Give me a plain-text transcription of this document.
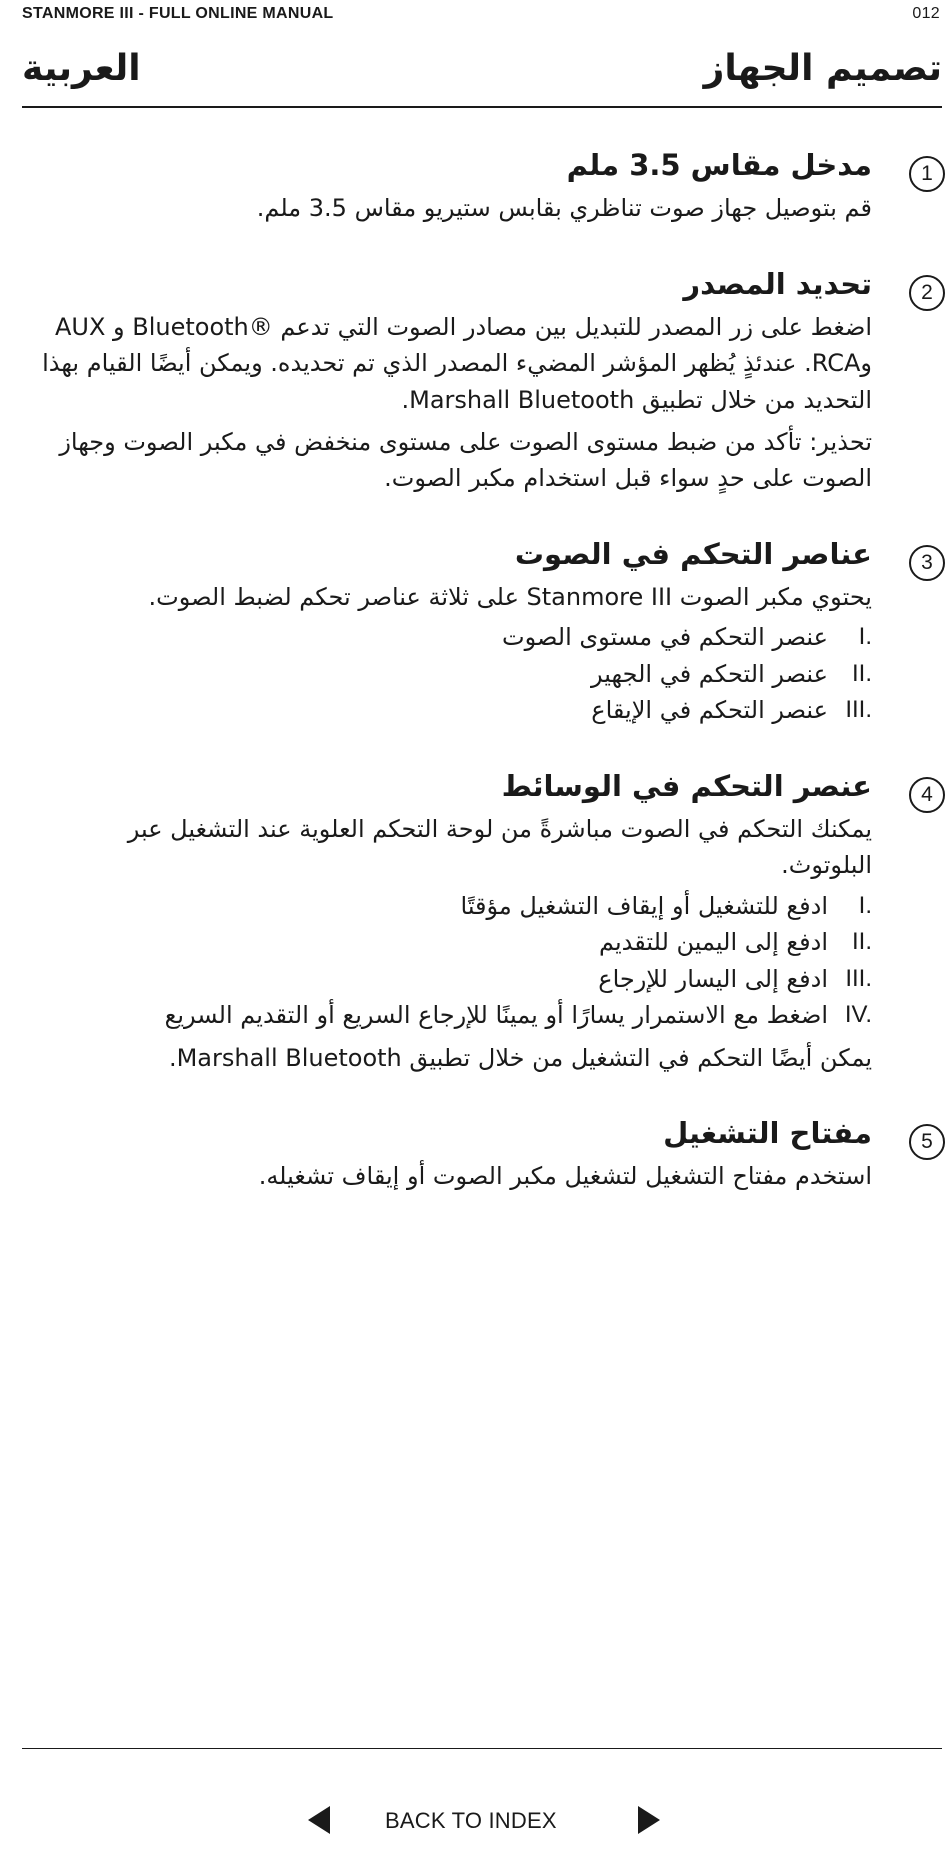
STANMORE III - FULL ONLINE MANUAL	012
تصميم الجهاز
العربية
1
مدخل مقاس 3.5 ملم

قم بتوصيل جهاز صوت تناظري بقابس ستيريو مقاس 3.5 ملم.

2
تحديد المصدر

اضغط على زر المصدر للتبديل بين مصادر الصوت التي تدعم ®Bluetooth و AUX وRCA. عندئذٍ يُظهر المؤشر المضيء المصدر الذي تم تحديده. ويمكن أيضًا القيام بهذا التحديد من خلال تطبيق Marshall Bluetooth.

تحذير: تأكد من ضبط مستوى الصوت على مستوى منخفض في مكبر الصوت وجهاز الصوت على حدٍ سواء قبل استخدام مكبر الصوت.

3
عناصر التحكم في الصوت

يحتوي مكبر الصوت Stanmore III على ثلاثة عناصر تحكم لضبط الصوت.

I.
عنصر التحكم في مستوى الصوت
II.
عنصر التحكم في الجهير
III.
عنصر التحكم في الإيقاع
4
عنصر التحكم في الوسائط

يمكنك التحكم في الصوت مباشرةً من لوحة التحكم العلوية عند التشغيل عبر البلوتوث.

I.
ادفع للتشغيل أو إيقاف التشغيل مؤقتًا
II.
ادفع إلى اليمين للتقديم
III.
ادفع إلى اليسار للإرجاع
IV.
اضغط مع الاستمرار يسارًا أو يمينًا للإرجاع السريع أو التقديم السريع

يمكن أيضًا التحكم في التشغيل من خلال تطبيق Marshall Bluetooth.

5
مفتاح التشغيل

استخدم مفتاح التشغيل لتشغيل مكبر الصوت أو إيقاف تشغيله.

BACK TO INDEX
